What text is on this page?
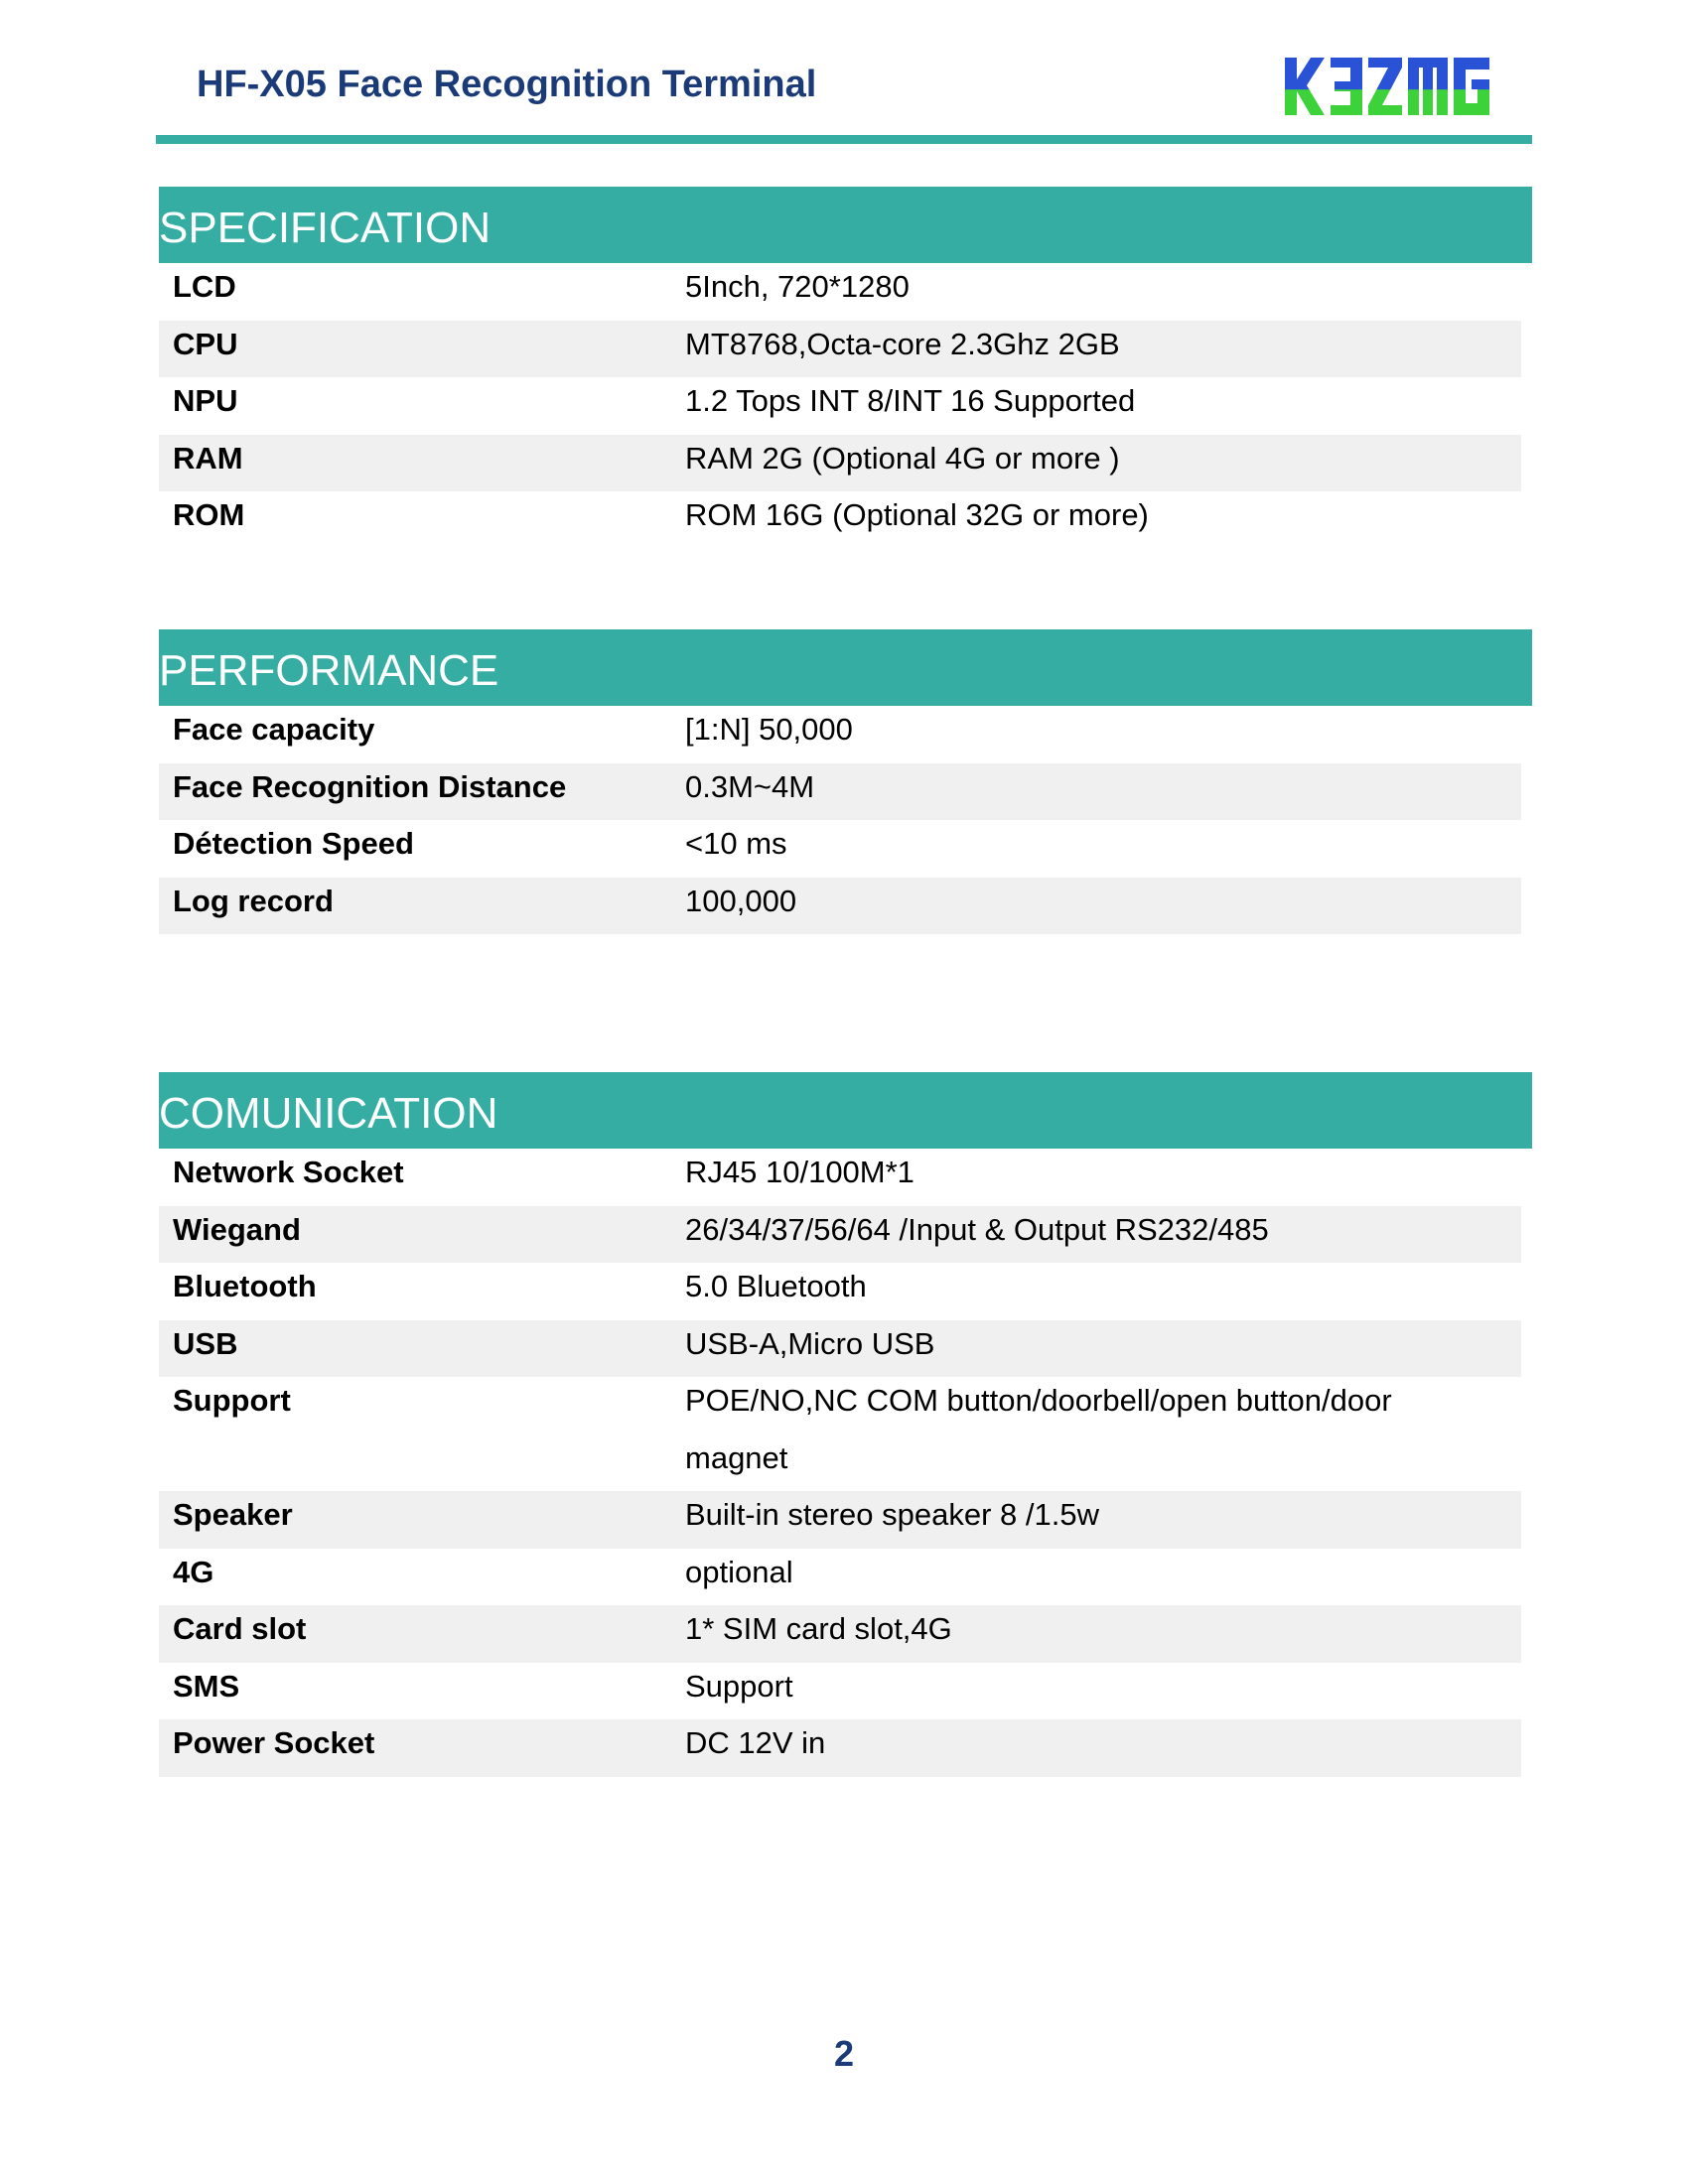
HF-X05 Face Recognition Terminal
SPECIFICATION
LCD	5Inch, 720*1280
CPU	MT8768,Octa-core 2.3Ghz 2GB
NPU	1.2 Tops INT 8/INT 16 Supported
RAM	RAM 2G (Optional 4G or more )
ROM	ROM 16G (Optional 32G or more)
PERFORMANCE
Face capacity	[1:N] 50,000
Face Recognition Distance	0.3M~4M
Détection Speed	<10 ms
Log record	100,000
COMUNICATION
Network Socket	RJ45 10/100M*1
Wiegand	26/34/37/56/64 /Input & Output RS232/485
Bluetooth	5.0 Bluetooth
USB	USB-A,Micro USB
Support	POE/NO,NC COM button/doorbell/open button/door magnet
Speaker	Built-in stereo speaker 8 /1.5w
4G	optional
Card slot	1* SIM card slot,4G
SMS	Support
Power Socket	DC 12V in
2
